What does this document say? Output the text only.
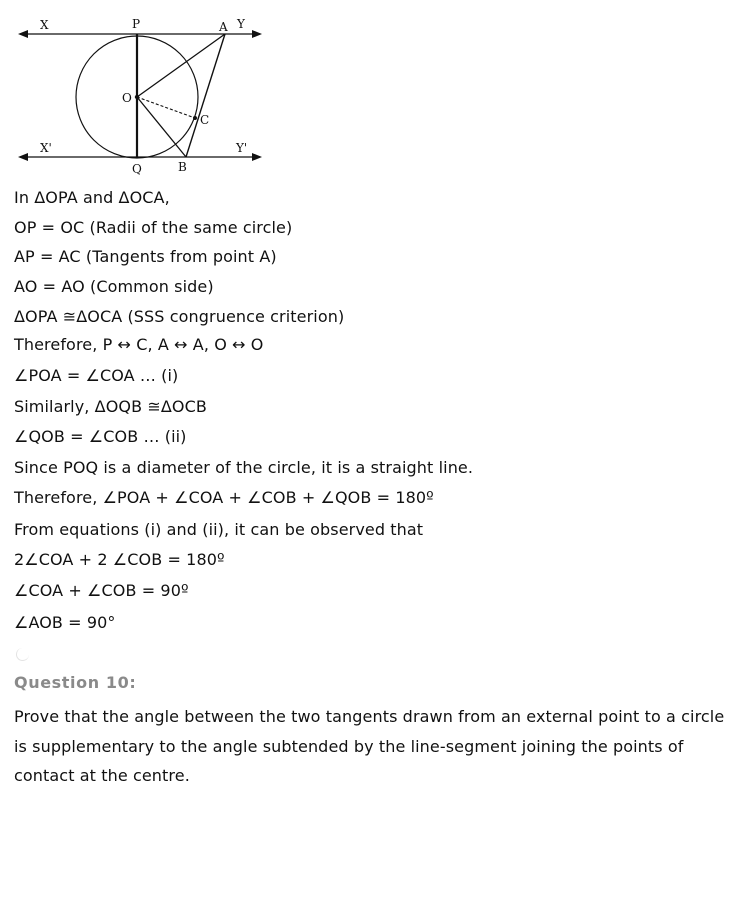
X	P	A Y
O
C
X'	Y'
Q	B
In ΔOPA and ΔOCA,
OP = OC (Radii of the same circle)
AP = AC (Tangents from point A)
AO = AO (Common side)
ΔOPA ≅ΔOCA (SSS congruence criterion)
Therefore, P ↔ C, A ↔ A, O ↔ O
∠POA = ∠COA … (i)
Similarly, ΔOQB ≅ΔOCB
∠QOB = ∠COB … (ii)
Since POQ is a diameter of the circle, it is a straight line.
Therefore, ∠POA + ∠COA + ∠COB + ∠QOB = 180º
From equations (i) and (ii), it can be observed that
2∠COA + 2 ∠COB = 180º
∠COA + ∠COB = 90º
∠AOB = 90°
Question 10:
Prove that the angle between the two tangents drawn from an external point to a circle is supplementary to the angle subtended by the line-segment joining the points of contact at the centre.
